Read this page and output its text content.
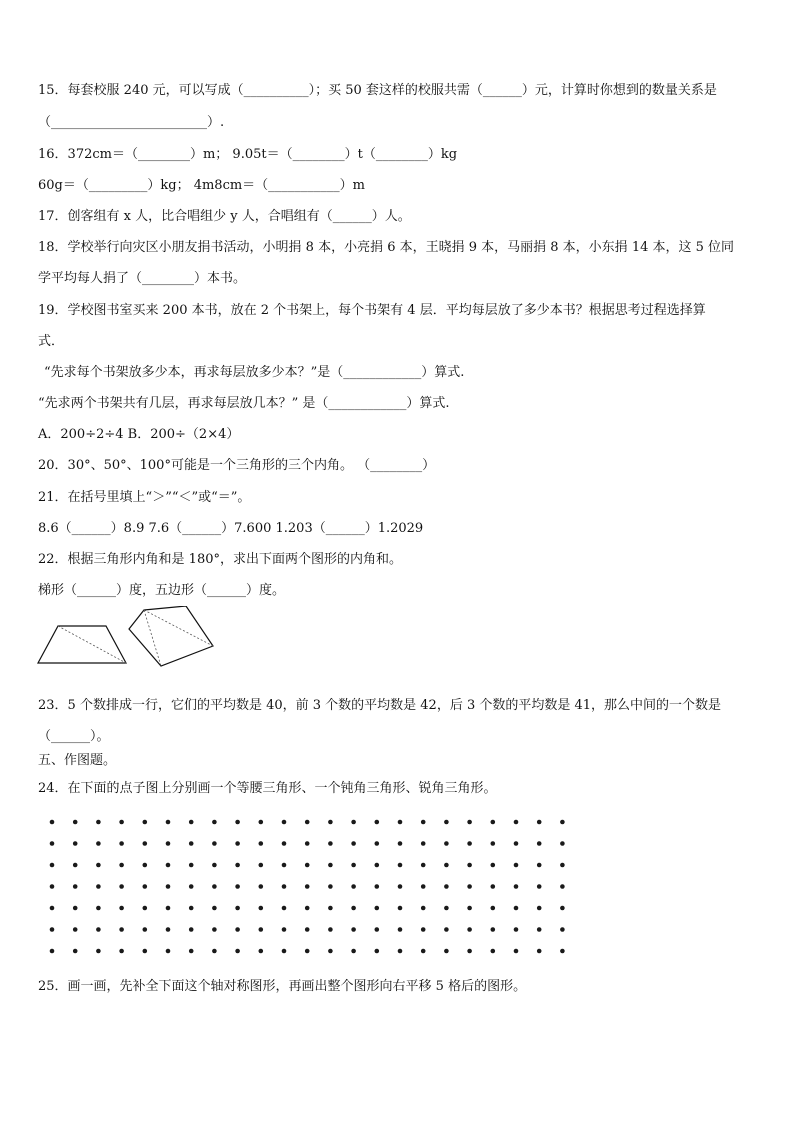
15．每套校服 240 元，可以写成（__________）；买 50 套这样的校服共需（______）元，计算时你想到的数量关系是
（________________________）.
16．372cm＝（________）m； 9.05t＝（________）t（________）kg
60g＝（_________）kg； 4m8cm＝（___________）m
17．创客组有 x 人，比合唱组少 y 人，合唱组有（______）人。
18．学校举行向灾区小朋友捐书活动，小明捐 8 本，小亮捐 6 本，王晓捐 9 本，马丽捐 8 本，小东捐 14 本，这 5 位同
学平均每人捐了（________）本书。
19．学校图书室买来 200 本书，放在 2 个书架上，每个书架有 4 层．平均每层放了多少本书？根据思考过程选择算
式．
“先求每个书架放多少本，再求每层放多少本？”是（____________）算式.
“先求两个书架共有几层，再求每层放几本？” 是（____________）算式.
A．200÷2÷4 B．200÷（2×4）
20．30°、50°、100°可能是一个三角形的三个内角。 （________）
21．在括号里填上“＞”“＜”或“＝”。
8.6（______）8.9 7.6（______）7.600 1.203（______）1.2029
22．根据三角形内角和是 180°，求出下面两个图形的内角和。
梯形（______）度，五边形（______）度。
23．5 个数排成一行，它们的平均数是 40，前 3 个数的平均数是 42，后 3 个数的平均数是 41，那么中间的一个数是
（______）。
五、作图题。
24．在下面的点子图上分别画一个等腰三角形、一个钝角三角形、锐角三角形。
25．画一画，先补全下面这个轴对称图形，再画出整个图形向右平移 5 格后的图形。
